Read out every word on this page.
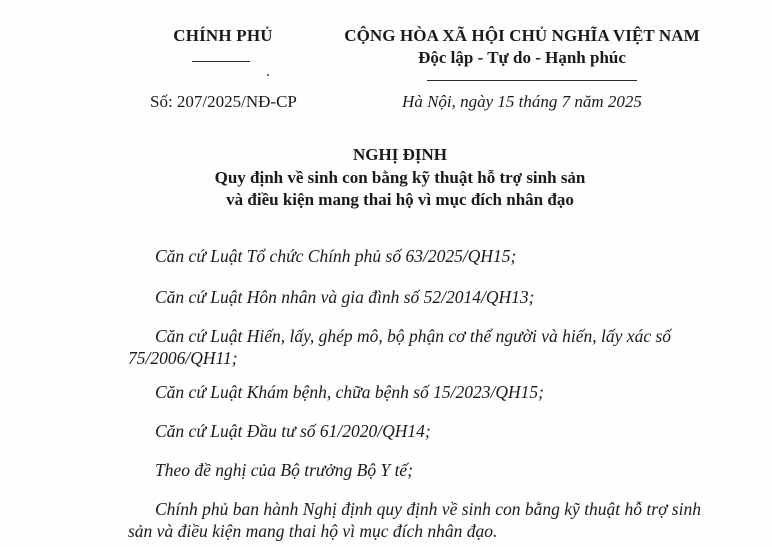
CHÍNH PHỦ	CỘNG HÒA XÃ HỘI CHỦ NGHĨA VIỆT NAM
Độc lập - Tự do - Hạnh phúc
Số: 207/2025/NĐ-CP	Hà Nội, ngày 15 tháng 7 năm 2025
NGHỊ ĐỊNH
Quy định về sinh con bằng kỹ thuật hỗ trợ sinh sản
và điều kiện mang thai hộ vì mục đích nhân đạo

Căn cứ Luật Tổ chức Chính phủ số 63/2025/QH15;

Căn cứ Luật Hôn nhân và gia đình số 52/2014/QH13;

Căn cứ Luật Hiến, lấy, ghép mô, bộ phận cơ thể người và hiến, lấy xác số 75/2006/QH11;

Căn cứ Luật Khám bệnh, chữa bệnh số 15/2023/QH15;

Căn cứ Luật Đầu tư số 61/2020/QH14;

Theo đề nghị của Bộ trưởng Bộ Y tế;

Chính phủ ban hành Nghị định quy định về sinh con bằng kỹ thuật hỗ trợ sinh sản và điều kiện mang thai hộ vì mục đích nhân đạo.
